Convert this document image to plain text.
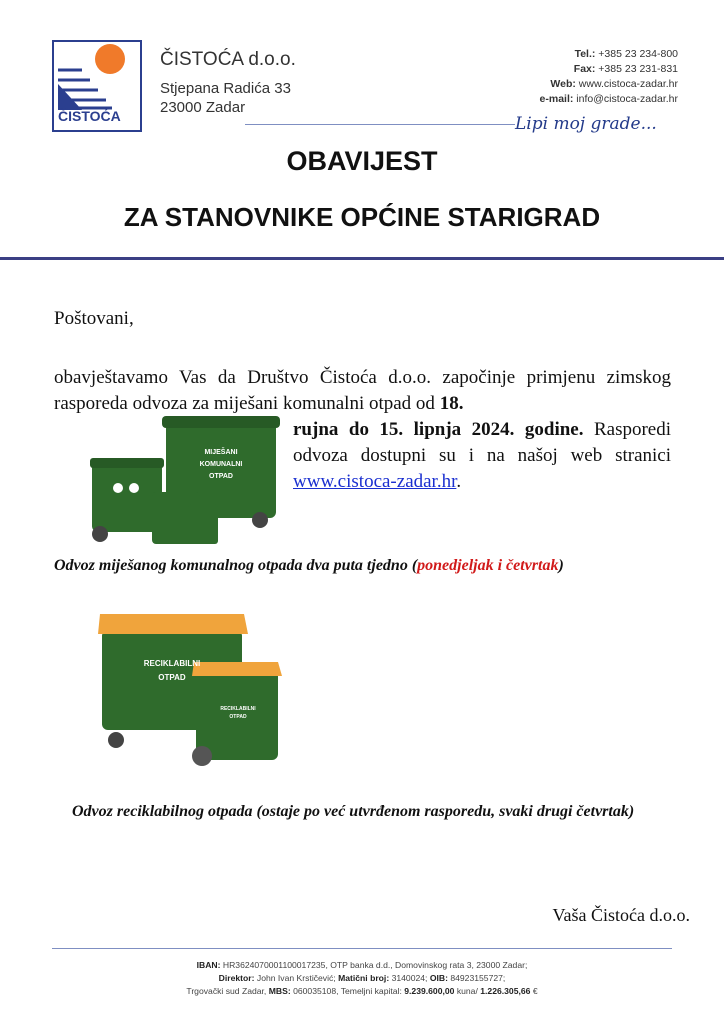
ČISTOĆA
ČISTOĆA d.o.o.
Stjepana Radića 33
23000 Zadar
Tel.: +385 23 234-800
Fax: +385 23 231-831
Web: www.cistoca-zadar.hr
e-mail: info@cistoca-zadar.hr
Lipi moj grade...
OBAVIJEST
ZA STANOVNIKE OPĆINE STARIGRAD
Poštovani,
obavještavamo Vas da Društvo Čistoća d.o.o. započinje primjenu zimskog rasporeda odvoza za miješani komunalni otpad od 18.
rujna do 15. lipnja 2024. godine. Rasporedi odvoza dostupni su i na našoj web stranici www.cistoca-zadar.hr.
MIJEŠANI
KOMUNALNI
OTPAD
Odvoz miješanog komunalnog otpada dva puta tjedno (ponedjeljak i četvrtak)
RECIKLABILNI
OTPAD
RECIKLABILNI
OTPAD
Odvoz reciklabilnog otpada (ostaje po već utvrđenom rasporedu, svaki drugi četvrtak)
Vaša Čistoća d.o.o.
IBAN: HR3624070001100017235, OTP banka d.d., Domovinskog rata 3, 23000 Zadar;
Direktor: John Ivan Krstičević; Matični broj: 3140024; OIB: 84923155727;
Trgovački sud Zadar, MBS: 060035108, Temeljni kapital: 9.239.600,00 kuna/ 1.226.305,66 €
